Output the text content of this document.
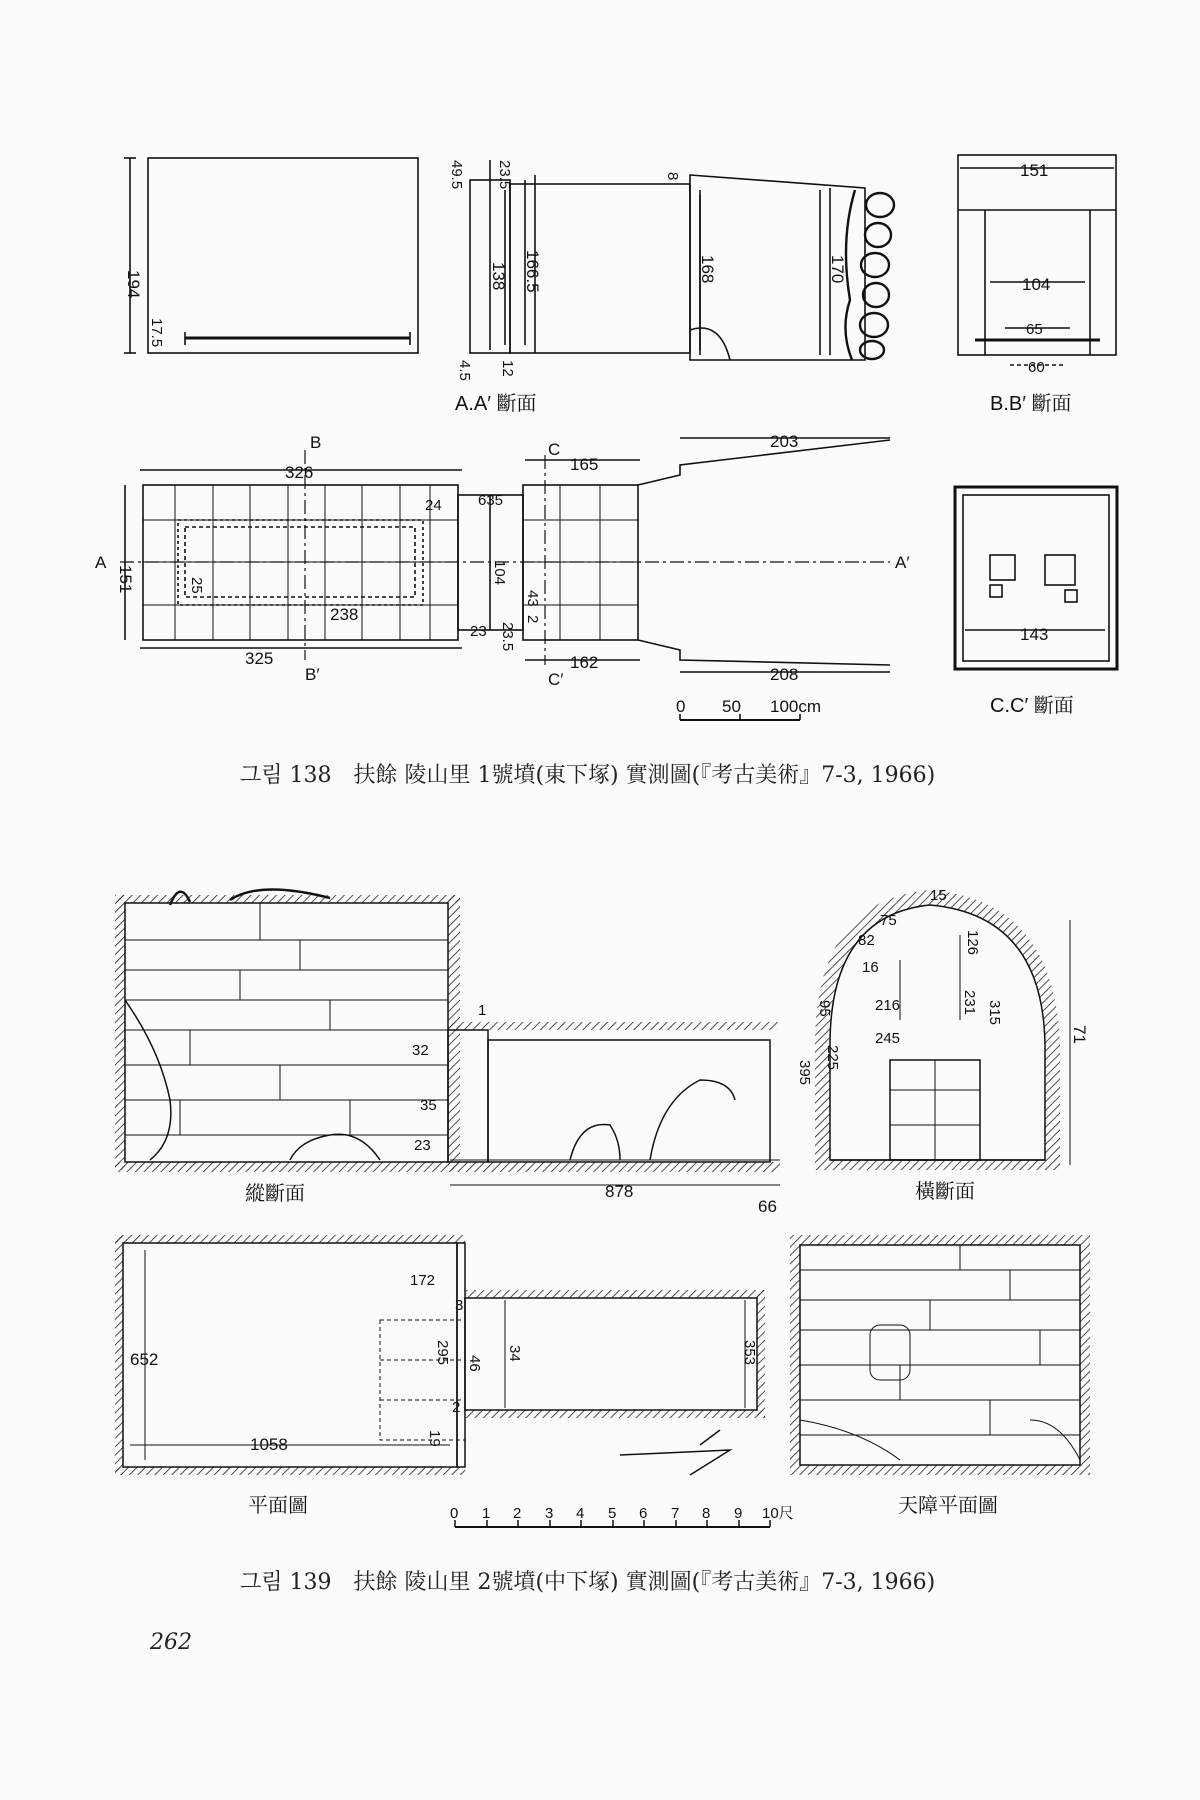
194
17.5
49.5 23.5
138 166.5
4.5 12
8
168	170
A.A′ 斷面
151
104
65
60
B.B′ 斷面
326
24 635
165
203
104
151	25
238
23
43
2
23.5
325	162
208
A	A′
B
B′
C
C′
143
C.C′ 斷面
0 50 100cm
1
32
35
23
878
66
縱斷面
15
75
82
16
126
231
216
95
245
315
225
395
71
橫斷面
652
1058
172
3
295 46
34
2
19
353
平面圖	天障平面圖
0 1 2 3 4 5 6 7 8 9 10尺
그림 138　扶餘 陵山里 1號墳(東下塚) 實測圖(『考古美術』7-3, 1966)
그림 139　扶餘 陵山里 2號墳(中下塚) 實測圖(『考古美術』7-3, 1966)
262
